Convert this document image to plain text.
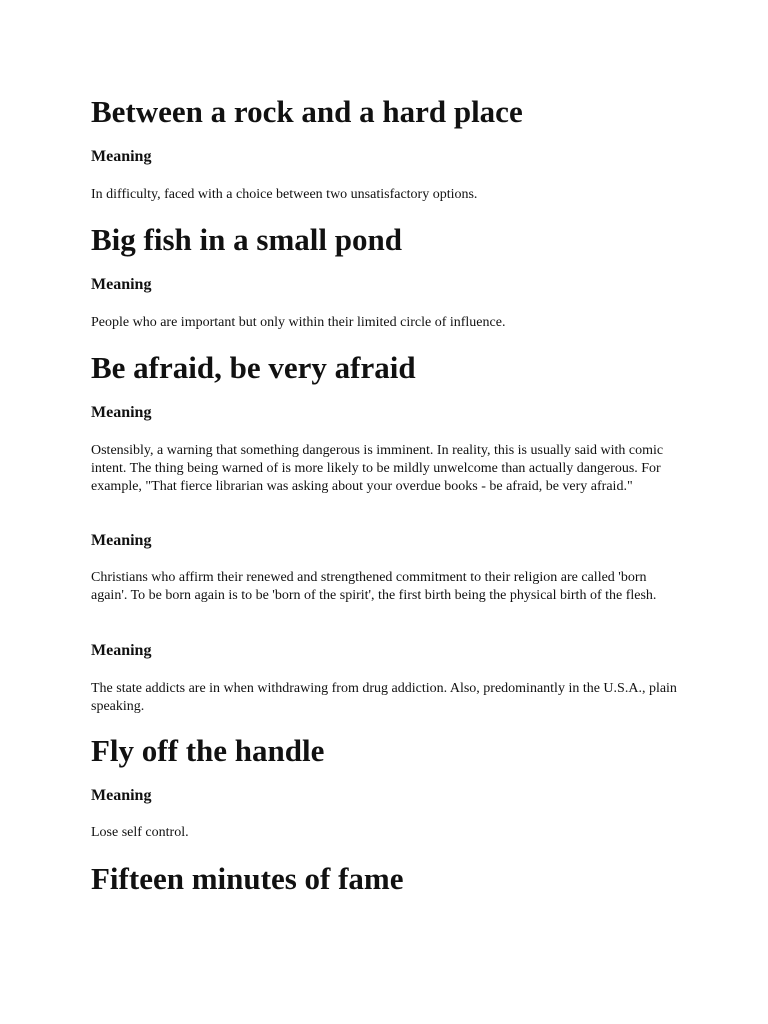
Between a rock and a hard place
Meaning

In difficulty, faced with a choice between two unsatisfactory options.

Big fish in a small pond
Meaning

People who are important but only within their limited circle of influence.

Be afraid, be very afraid
Meaning

Ostensibly, a warning that something dangerous is imminent. In reality, this is usually said with comic intent. The thing being warned of is more likely to be mildly unwelcome than actually dangerous. For example, "That fierce librarian was asking about your overdue books - be afraid, be very afraid."

Meaning

Christians who affirm their renewed and strengthened commitment to their religion are called 'born again'. To be born again is to be 'born of the spirit', the first birth being the physical birth of the flesh.

Meaning

The state addicts are in when withdrawing from drug addiction. Also, predominantly in the U.S.A., plain speaking.

Fly off the handle
Meaning

Lose self control.

Fifteen minutes of fame
